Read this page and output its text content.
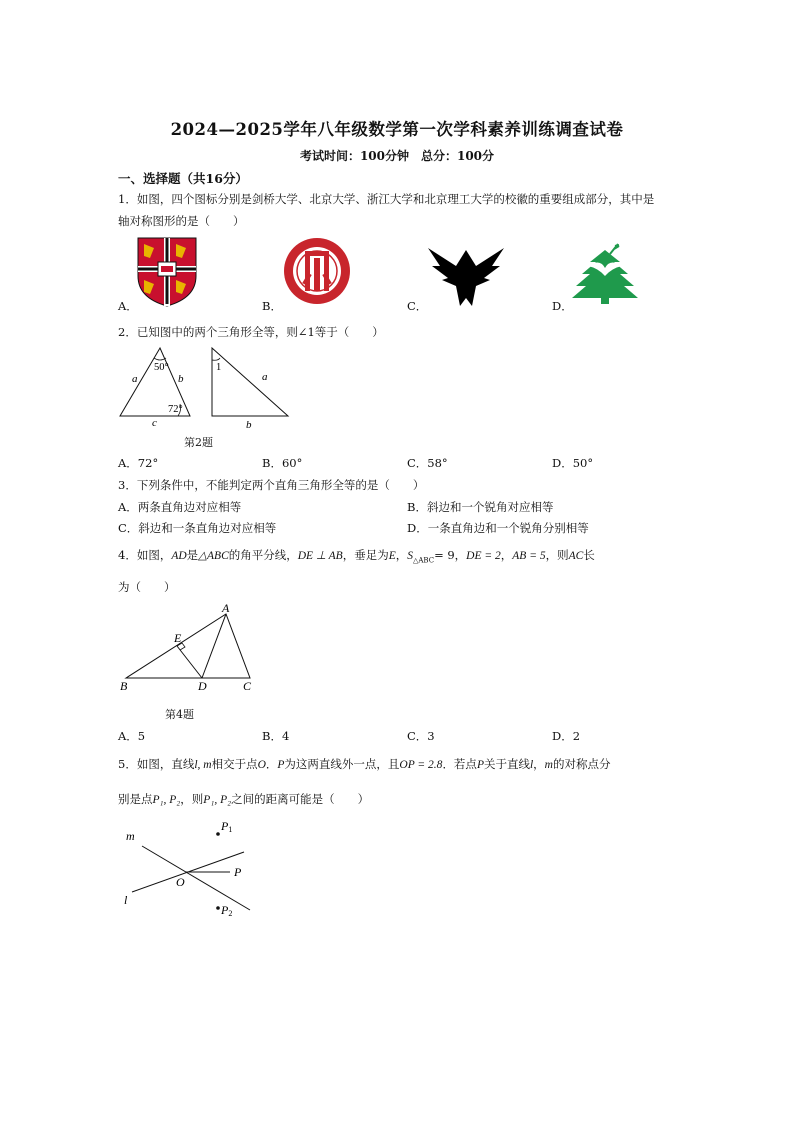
2024—2025学年八年级数学第一次学科素养训练调查试卷
考试时间：100分钟　总分：100分
一、选择题（共16分）
1．如图，四个图标分别是剑桥大学、北京大学、浙江大学和北京理工大学的校徽的重要组成部分，其中是
轴对称图形的是（　　）
A．	B．	C．	D．
2．已知图中的两个三角形全等，则∠1等于（　　）
50°
72°
a	b
c
1
a
b
第2题
A．72°	B．60°	C．58°	D．50°
3．下列条件中，不能判定两个直角三角形全等的是（　　）
A．两条直角边对应相等	B．斜边和一个锐角对应相等
C．斜边和一条直角边对应相等	D．一条直角边和一个锐角分别相等
4．如图，AD是△ABC的角平分线，DE ⊥ AB，垂足为E，$S_{\triangle ABC}= 9$，DE = 2，AB = 5，则AC长
为（　　）
A
B	C
D
E
第4题
A．5	B．4	C．3	D．2
5．如图，直线l, m相交于点O．P为这两直线外一点，且OP = 2.8．若点P关于直线l，m的对称点分
别是点P₁, P₂，则P₁, P₂之间的距离可能是（　　）
m
l
O
P
P1
P2
